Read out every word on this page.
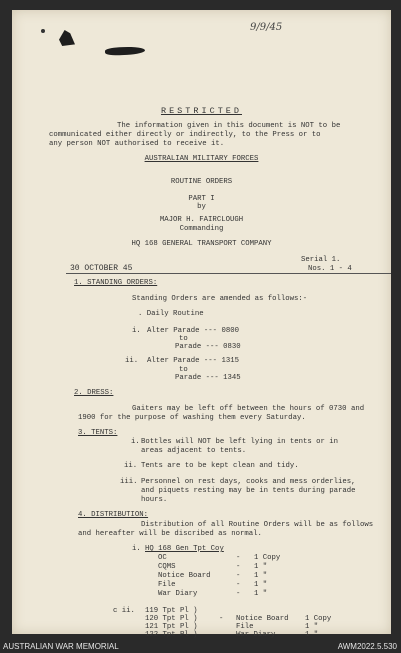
9/9/45
RESTRICTED
The information given in this document is NOT to be
communicated either directly or indirectly, to the Press or to
any person NOT authorised to receive it.
AUSTRALIAN MILITARY FORCES
ROUTINE ORDERS
PART I
by
MAJOR H. FAIRCLOUGH
Commanding
HQ 168 GENERAL TRANSPORT COMPANY
Serial 1.
30 OCTOBER 45	Nos. 1 - 4
1. STANDING ORDERS:
Standing Orders are amended as follows:-
. Daily Routine
i. Alter Parade --- 0800
to
Parade --- 0830
ii. Alter Parade --- 1315
to
Parade --- 1345
2. DRESS:
Gaiters may be left off between the hours of 0730 and
1900 for the purpose of washing them every Saturday.
3. TENTS:
i. Bottles will NOT be left lying in tents or in
areas adjacent to tents.
ii. Tents are to be kept clean and tidy.
iii. Personnel on rest days, cooks and mess orderlies,
and piquets resting may be in tents during parade
hours.
4. DISTRIBUTION:
Distribution of all Routine Orders will be as follows
and hereafter will be discribed as normal.
i. HQ 168 Gen Tpt Coy
OC	- 1 Copy
CQMS	- 1 "
Notice Board	- 1 "
File	- 1 "
War Diary	- 1 "
c ii. 119 Tpt Pl )
120 Tpt Pl )
121 Tpt Pl )
122 Tpt Pl )
- Notice Board 1 Copy
File	1 "
War Diary	1 "
AUSTRALIAN WAR MEMORIAL	AWM2022.5.530
